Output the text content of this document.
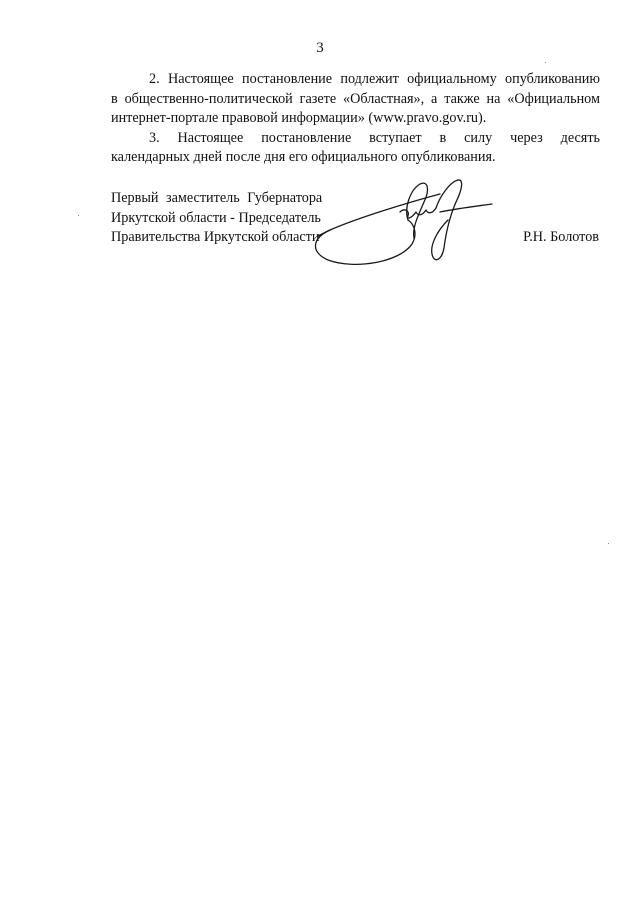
3

2. Настоящее постановление подлежит официальному опубликованию
в общественно-политической газете «Областная», а также на «Официальном
интернет-портале правовой информации» (www.pravo.gov.ru).

3. Настоящее постановление вступает в силу через десять
календарных дней после дня его официального опубликования.

Первый заместитель Губернатора
Иркутской области - Председатель
Правительства Иркутской области	Р.Н. Болотов
